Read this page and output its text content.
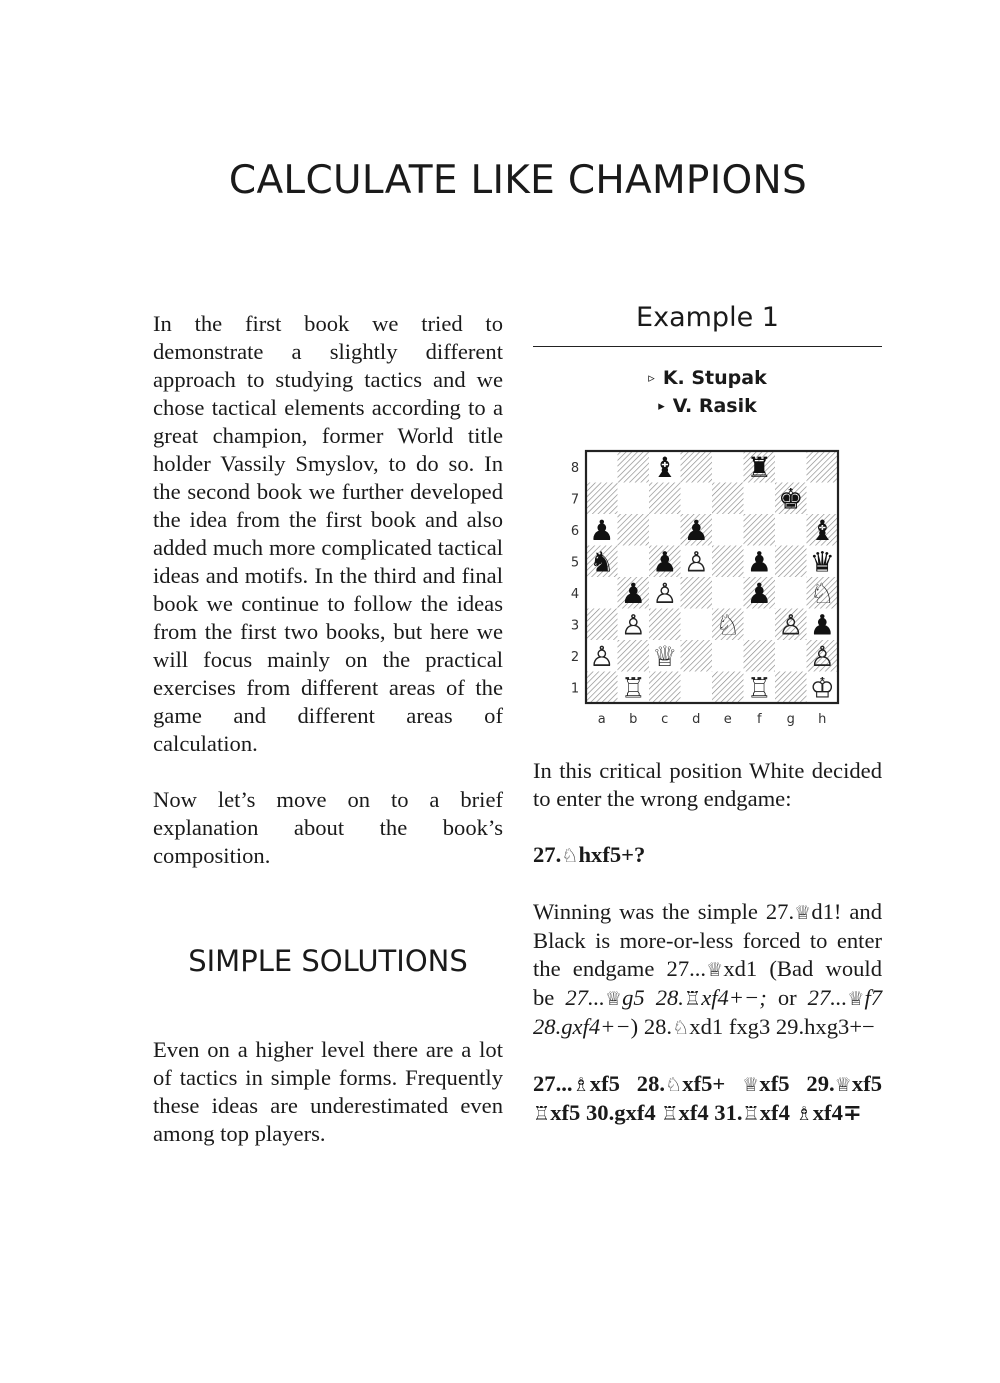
CALCULATE LIKE CHAMPIONS

In the first book we tried to demonstrate a slightly different approach to studying tactics and we chose tactical elements according to a great champion, former World title holder Vassily Smyslov, to do so. In the second book we further developed the idea from the first book and also added much more complicated tactical ideas and motifs. In the third and final book we continue to follow the ideas from the first two books, but here we will focus mainly on the practical exercises from different areas of the game and different areas of calculation.

Now let’s move on to a brief explanation about the book’s composition.

SIMPLE SOLUTIONS

Even on a higher level there are a lot of tactics in simple forms. Frequently these ideas are underestimated even among top players.

Example 1
▹ K. Stupak
▸ V. Rasik
8
7
6
5
4
3
2
1
a b c d e f g h
♖	♖ ♔
♙ ♕	♙
♙ ♘ ♙
♙	♘
♙
♝ ♜
♚
♟ ♟	♝
♞ ♟ ♟ ♛
♟	♟
♟

In this critical position White decided to enter the wrong endgame:

27.♘hxf5+?

Winning was the simple 27.♕d1! and Black is more-or-less forced to enter the endgame 27...♕xd1 (Bad would be 27...♕g5 28.♖xf4+−; or 27...♕f7 28.gxf4+−) 28.♘xd1 fxg3 29.hxg3+−

27...♗xf5 28.♘xf5+ ♕xf5 29.♕xf5 ♖xf5 30.gxf4 ♖xf4 31.♖xf4 ♗xf4∓
